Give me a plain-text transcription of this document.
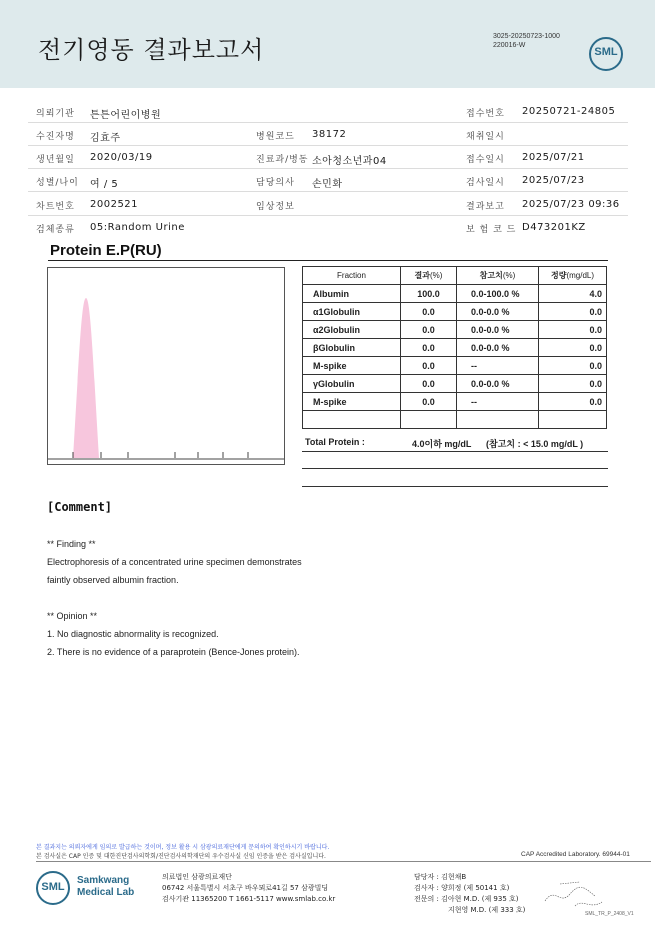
전기영동 결과보고서	3025-20250723-1000
220016-W
SML
의뢰기관 튼튼어린이병원	접수번호 20250721-24805
수진자명 김효주	병원코드 38172	채취일시
생년월일 2020/03/19	진료과/병동 소아청소년과04	접수일시 2025/07/21
성별/나이 여 / 5	담당의사 손민화	검사일시 2025/07/23
차트번호 2002521	임상정보	결과보고 2025/07/23 09:36
검체종류 05:Random Urine	보 험 코 드 D473201KZ
Protein E.P(RU)
Fraction	결과(%)	참고치(%)	정량(mg/dL)
Albumin	100.0	0.0-100.0 %	4.0
α1Globulin	0.0	0.0-0.0 %	0.0
α2Globulin	0.0	0.0-0.0 %	0.0
βGlobulin	0.0	0.0-0.0 %	0.0
M-spike	0.0	--	0.0
γGlobulin	0.0	0.0-0.0 %	0.0
M-spike	0.0	--	0.0

Total Protein :	4.0이하 mg/dL (참고치 : < 15.0 mg/dL )
[Comment]
** Finding **
Electrophoresis of a concentrated urine specimen demonstrates
faintly observed albumin fraction.
** Opinion **
1. No diagnostic abnormality is recognized.
2. There is no evidence of a paraprotein (Bence-Jones protein).
본 결과지는 의뢰자에게 임의로 발급하는 것이며, 정보 활용 시 삼광의료재단에게 문의하여 확인하시기 바랍니다.
본 검사실은 CAP 인증 및 대한진단검사의학회/진단검사의학재단의 우수검사실 신임 인증을 받은 검사실입니다.	CAP Accredited Laboratory. 69944-01
SML
Samkwang
Medical Lab
의료법인 삼광의료재단
06742 서울특별시 서초구 바우뫼로41길 57 삼광빌딩
검사기관 11365200 T 1661-5117 www.smlab.co.kr
담당자 : 김현채B
검사자 : 양희정 (제 50141 호)
전문의 : 김아현 M.D. (제 935 호)
지현영 M.D. (제 333 호)	SML_TR_P_2408_V1
